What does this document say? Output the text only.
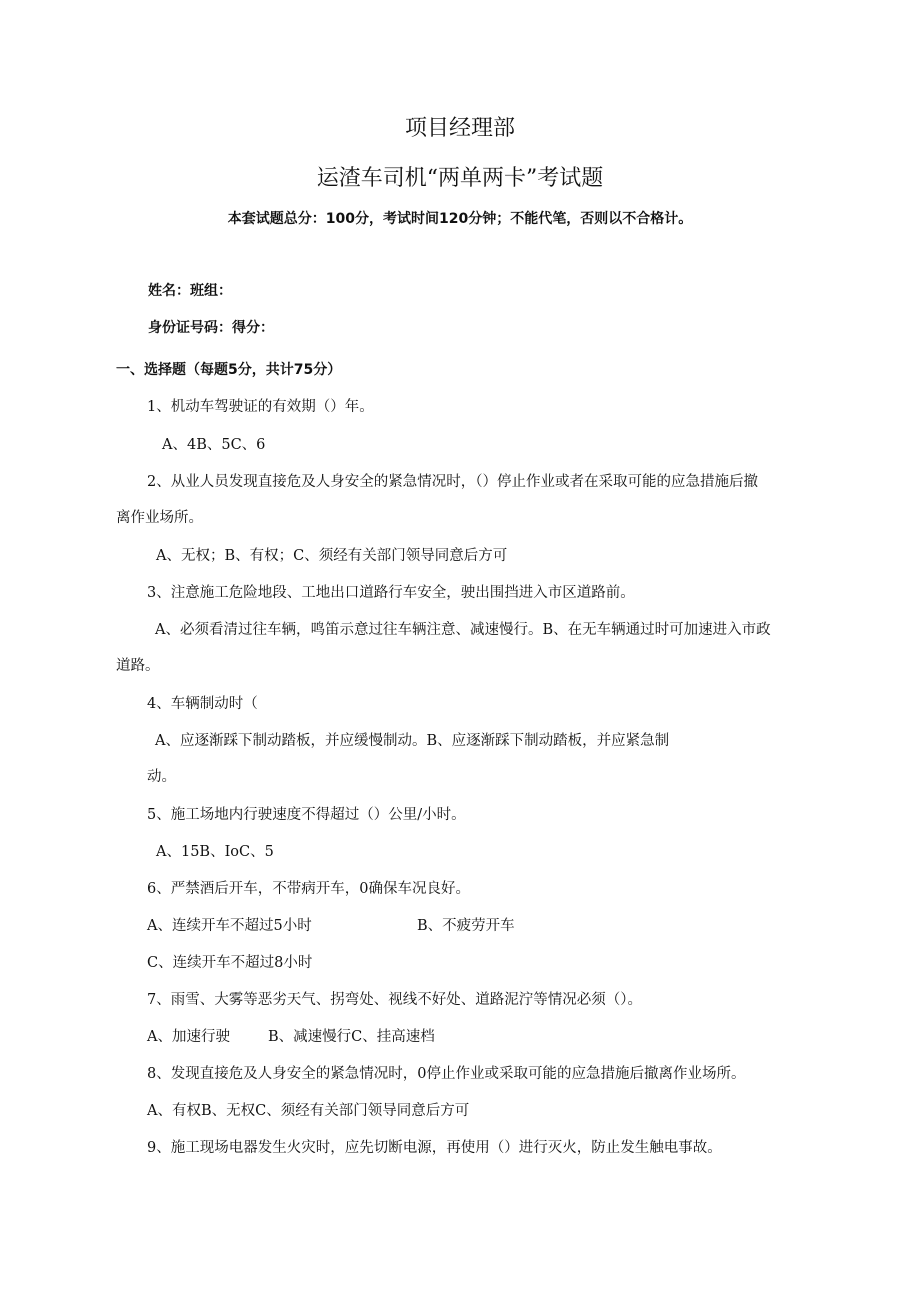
项目经理部
运渣车司机“两单两卡”考试题
本套试题总分：100分，考试时间120分钟；不能代笔，否则以不合格计。
姓名：班组：
身份证号码：得分：
一、选择题（每题5分，共计75分）
1、机动车驾驶证的有效期（）年。
A、4B、5C、6
2、从业人员发现直接危及人身安全的紧急情况时，（）停止作业或者在采取可能的应急措施后撤
离作业场所。
A、无权；B、有权；C、须经有关部门领导同意后方可
3、注意施工危险地段、工地出口道路行车安全，驶出围挡进入市区道路前。
A、必须看清过往车辆，鸣笛示意过往车辆注意、减速慢行。B、在无车辆通过时可加速进入市政
道路。
4、车辆制动时（
A、应逐渐踩下制动踏板，并应缓慢制动。B、应逐渐踩下制动踏板，并应紧急制
动。
5、施工场地内行驶速度不得超过（）公里/小时。
A、15B、IoC、5
6、严禁酒后开车，不带病开车，0确保车况良好。
A、连续开车不超过5小时	B、不疲劳开车
C、连续开车不超过8小时
7、雨雪、大雾等恶劣天气、拐弯处、视线不好处、道路泥泞等情况必须（）。
A、加速行驶	B、减速慢行C、挂高速档
8、发现直接危及人身安全的紧急情况时，0停止作业或采取可能的应急措施后撤离作业场所。
A、有权B、无权C、须经有关部门领导同意后方可
9、施工现场电器发生火灾时，应先切断电源，再使用（）进行灭火，防止发生触电事故。
